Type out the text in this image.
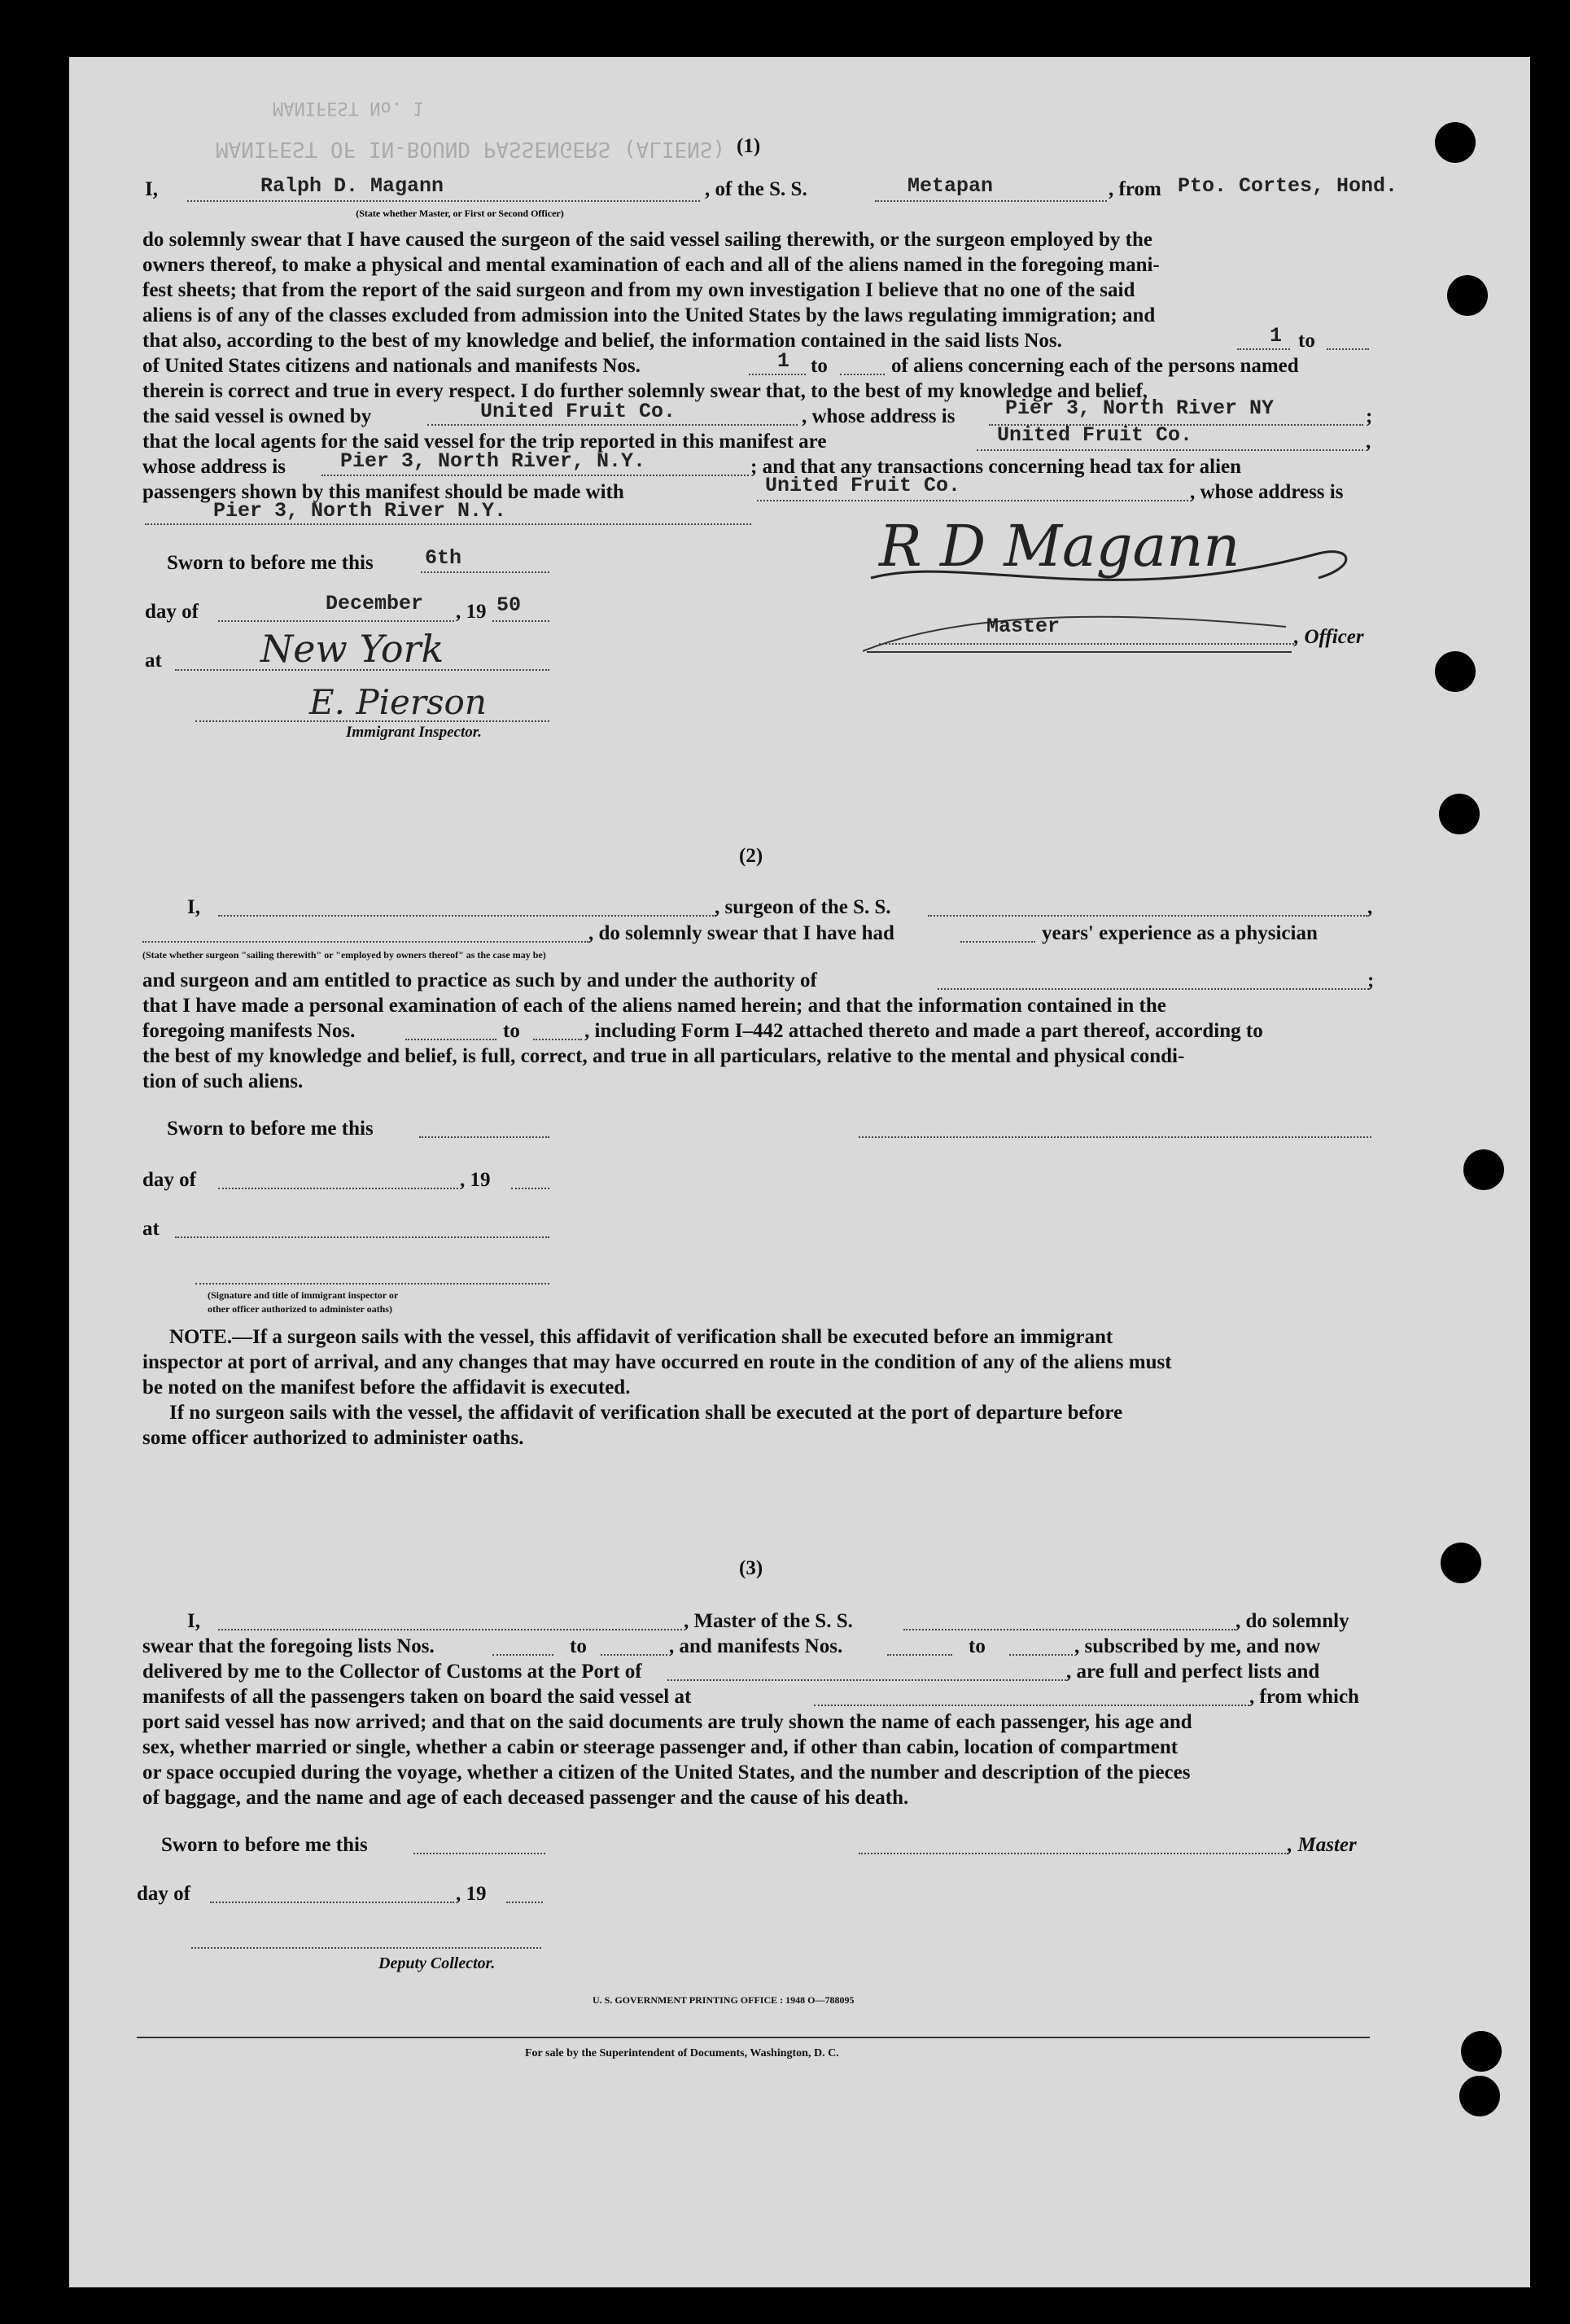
MANIFEST No. 1
MANIFEST OF IN-BOUND PASSENGERS (ALIENS) (1)
I,	Ralph D. Magann	, of the S. S.	Metapan	, from Pto. Cortes, Hond.
(State whether Master, or First or Second Officer)
do solemnly swear that I have caused the surgeon of the said vessel sailing therewith, or the surgeon employed by the
owners thereof, to make a physical and mental examination of each and all of the aliens named in the foregoing mani-
fest sheets; that from the report of the said surgeon and from my own investigation I believe that no one of the said
aliens is of any of the classes excluded from admission into the United States by the laws regulating immigration; and
that also, according to the best of my knowledge and belief, the information contained in the said lists Nos.	1 to
of United States citizens and nationals and manifests Nos.	1 to	of aliens concerning each of the persons named
therein is correct and true in every respect. I do further solemnly swear that, to the best of my knowledge and belief,
the said vessel is owned by	United Fruit Co.	, whose address is Pier 3, North River NY	;
that the local agents for the said vessel for the trip reported in this manifest are	United Fruit Co.	,
whose address is	Pier 3, North River, N.Y.	; and that any transactions concerning head tax for alien
passengers shown by this manifest should be made with	United Fruit Co.	, whose address is
Pier 3, North River N.Y.
Sworn to before me this	6th
day of	December , 19 50
at	New York
E. Pierson
Immigrant Inspector.
R D Magann
Master	, Officer
(2)
I,	, surgeon of the S. S.	,
, do solemnly swear that I have had	years' experience as a physician
(State whether surgeon "sailing therewith" or "employed by owners thereof" as the case may be)
and surgeon and am entitled to practice as such by and under the authority of	;
that I have made a personal examination of each of the aliens named herein; and that the information contained in the
foregoing manifests Nos.	to	, including Form I–442 attached thereto and made a part thereof, according to
the best of my knowledge and belief, is full, correct, and true in all particulars, relative to the mental and physical condi-
tion of such aliens.
Sworn to before me this
day of	, 19
at
(Signature and title of immigrant inspector or
other officer authorized to administer oaths)
NOTE.—If a surgeon sails with the vessel, this affidavit of verification shall be executed before an immigrant
inspector at port of arrival, and any changes that may have occurred en route in the condition of any of the aliens must
be noted on the manifest before the affidavit is executed.
If no surgeon sails with the vessel, the affidavit of verification shall be executed at the port of departure before
some officer authorized to administer oaths.
(3)
I,	, Master of the S. S.	, do solemnly
swear that the foregoing lists Nos.	to	, and manifests Nos.	to	, subscribed by me, and now
delivered by me to the Collector of Customs at the Port of	, are full and perfect lists and
manifests of all the passengers taken on board the said vessel at	, from which
port said vessel has now arrived; and that on the said documents are truly shown the name of each passenger, his age and
sex, whether married or single, whether a cabin or steerage passenger and, if other than cabin, location of compartment
or space occupied during the voyage, whether a citizen of the United States, and the number and description of the pieces
of baggage, and the name and age of each deceased passenger and the cause of his death.
Sworn to before me this	, Master
day of	, 19
Deputy Collector.
U. S. GOVERNMENT PRINTING OFFICE : 1948 O—788095
For sale by the Superintendent of Documents, Washington, D. C.
